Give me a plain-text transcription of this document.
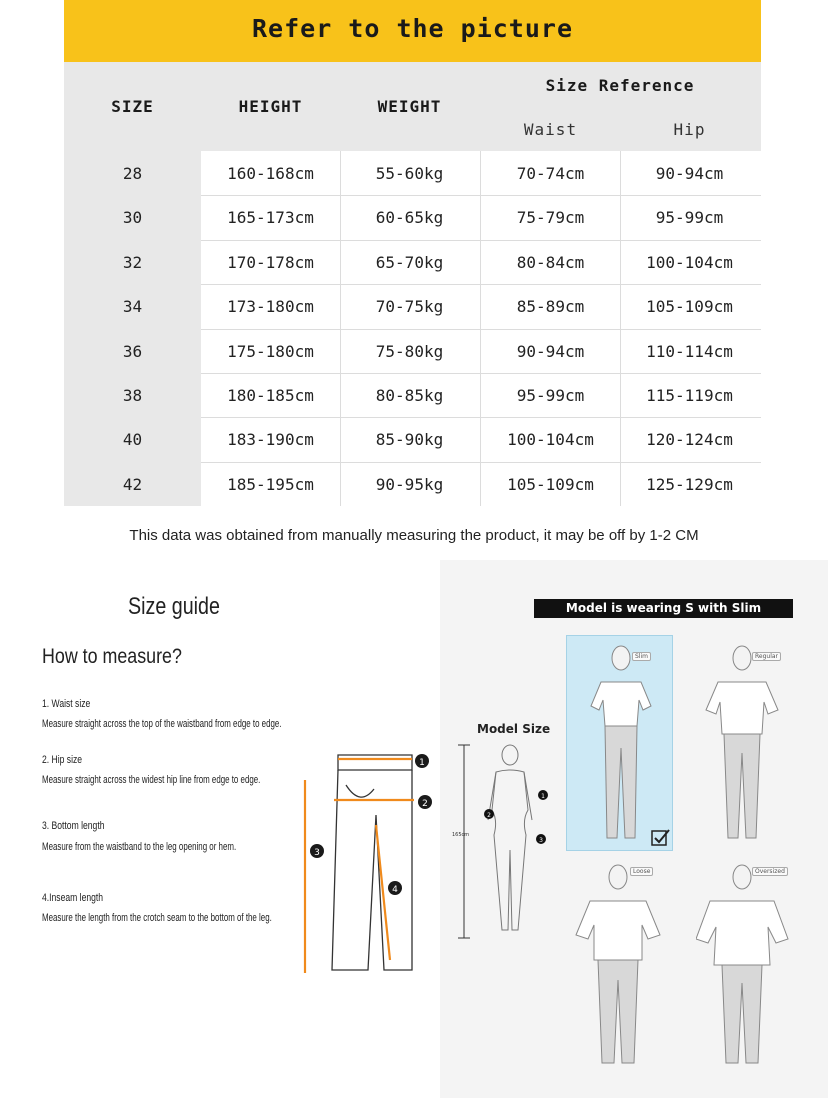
Refer to the picture
SIZE	HEIGHT	WEIGHT
Size Reference
Waist	Hip
28	160-168cm	55-60kg	70-74cm	90-94cm
30	165-173cm	60-65kg	75-79cm	95-99cm
32	170-178cm	65-70kg	80-84cm	100-104cm
34	173-180cm	70-75kg	85-89cm	105-109cm
36	175-180cm	75-80kg	90-94cm	110-114cm
38	180-185cm	80-85kg	95-99cm	115-119cm
40	183-190cm	85-90kg	100-104cm	120-124cm
42	185-195cm	90-95kg	105-109cm	125-129cm
This data was obtained from manually measuring the product, it may be off by 1-2 CM
Size guide
How to measure?
1. Waist size
Measure straight across the top of the waistband from edge to edge.
2. Hip size
Measure straight across the widest hip line from edge to edge.
3. Bottom length
Measure from the waistband to the leg opening or hem.
4.Inseam length
Measure the length from the crotch seam to the bottom of the leg.
1
2
3
4
Model is wearing S with Slim
Model Size
165cm
1
2
3
Slim	Regular
Loose	Oversized
